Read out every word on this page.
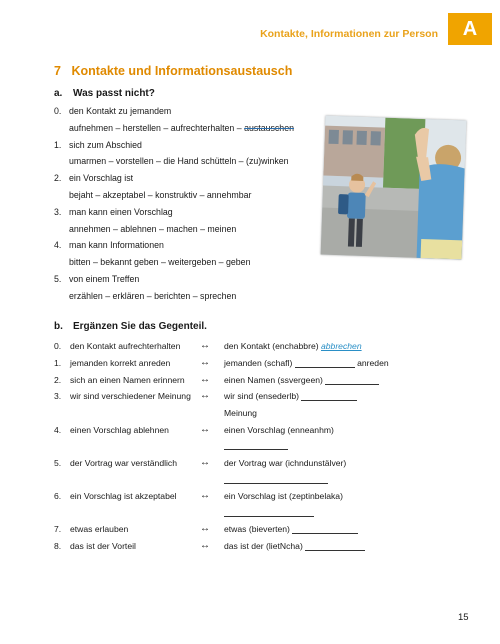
Kontakte, Informationen zur Person	A
7 Kontakte und Informationsaustausch
a. Was passt nicht?
0. den Kontakt zu jemandem
aufnehmen – herstellen – aufrechterhalten – austauschen
1. sich zum Abschied
umarmen – vorstellen – die Hand schütteln – (zu)winken
2. ein Vorschlag ist
bejaht – akzeptabel – konstruktiv – annehmbar
3. man kann einen Vorschlag
annehmen – ablehnen – machen – meinen
4. man kann Informationen
bitten – bekannt geben – weitergeben – geben
5. von einem Treffen
erzählen – erklären – berichten – sprechen
b. Ergänzen Sie das Gegenteil.
0. den Kontakt aufrechterhalten ↔ den Kontakt (enchabbre) abbrechen
1. jemanden korrekt anreden	↔ jemanden (schafl)	anreden
2. sich an einen Namen erinnern ↔ einen Namen (ssvergeen)
3. wir sind verschiedener Meinung ↔ wir sind (ensederlb)
Meinung
4. einen Vorschlag ablehnen	↔ einen Vorschlag (enneanhm)
5. der Vortrag war verständlich ↔ der Vortrag war (ichndunstälver)
6. ein Vorschlag ist akzeptabel ↔ ein Vorschlag ist (zeptinbelaka)
7. etwas erlauben	↔ etwas (bieverten)
8. das ist der Vorteil	↔ das ist der (lietNcha)
15
